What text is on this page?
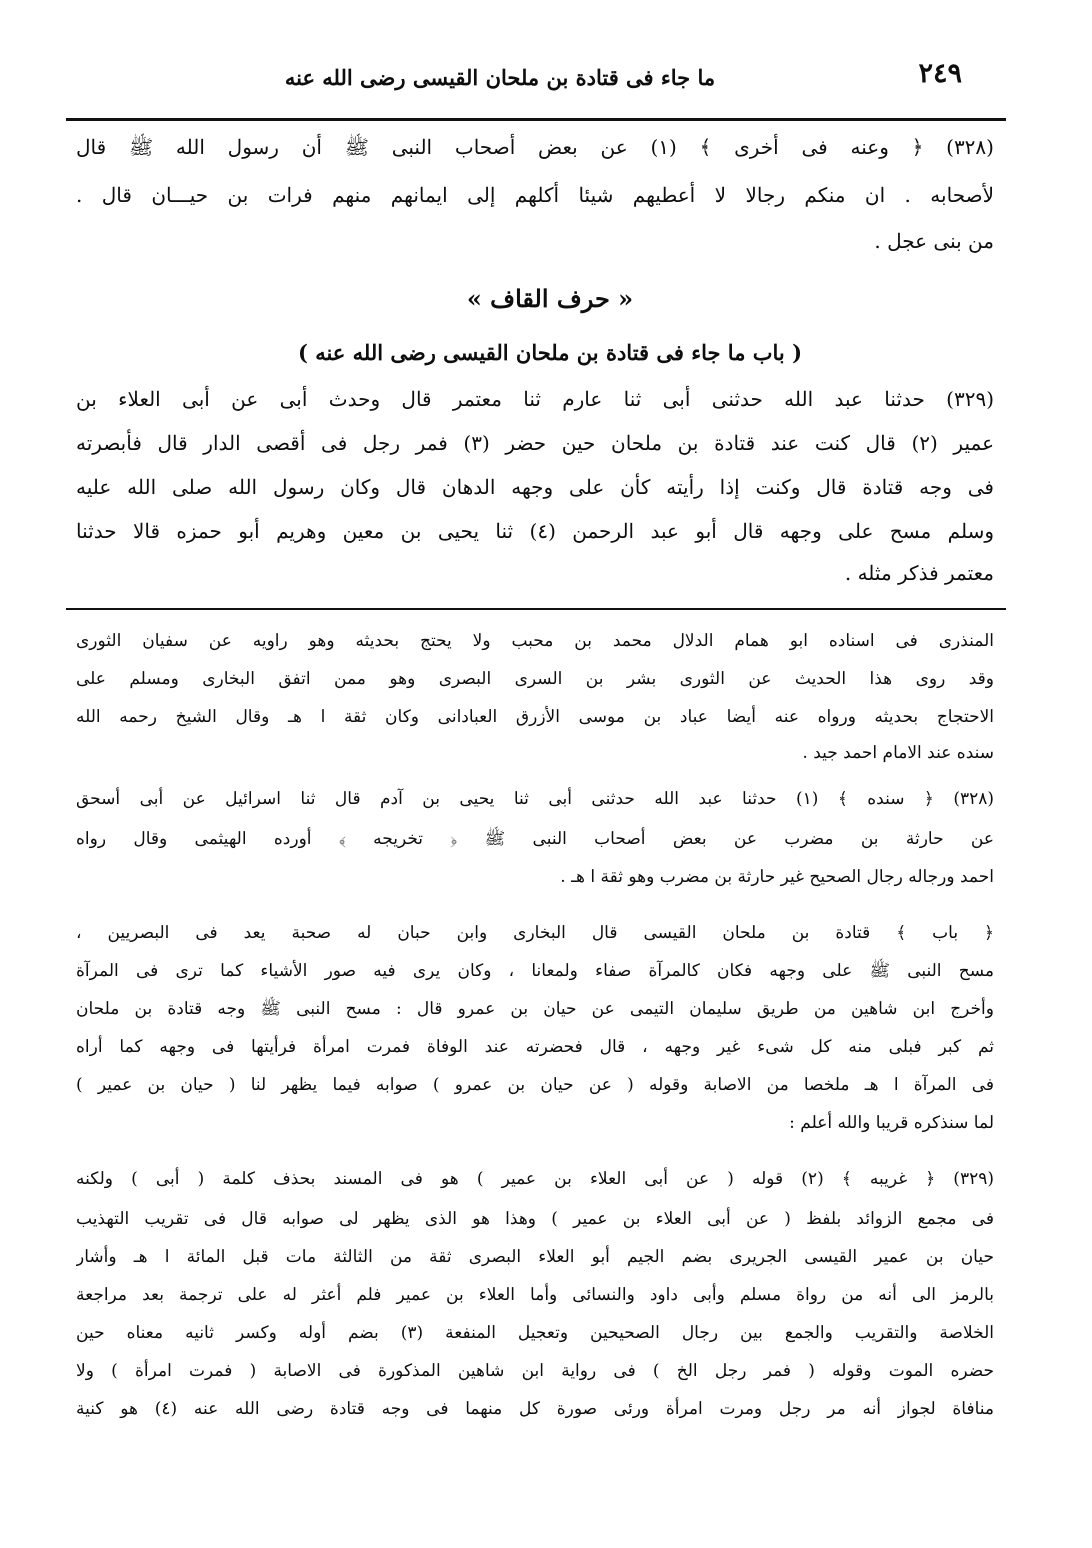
٢٤٩
ما جاء فى قتادة بن ملحان القيسى رضى الله عنه
(٣٢٨) ﴿ وعنه فى أخرى ﴾ (١) عن بعض أصحاب النبى ﷺ أن رسول الله ﷺ قال
لأصحابه . ان منكم رجالا لا أعطيهم شيئا أكلهم إلى ايمانهم منهم فرات بن حيـــان قال .
من بنى عجل .
« حرف القاف »
( باب ما جاء فى قتادة بن ملحان القيسى رضى الله عنه )
(٣٢٩) حدثنا عبد الله حدثنى أبى ثنا عارم ثنا معتمر قال وحدث أبى عن أبى العلاء بن
عمير (٢) قال كنت عند قتادة بن ملحان حين حضر (٣) فمر رجل فى أقصى الدار قال فأبصرته
فى وجه قتادة قال وكنت إذا رأيته كأن على وجهه الدهان قال وكان رسول الله صلى الله عليه
وسلم مسح على وجهه قال أبو عبد الرحمن (٤) ثنا يحيى بن معين وهريم أبو حمزه قالا حدثنا
معتمر فذكر مثله .
المنذرى فى اسناده ابو همام الدلال محمد بن محبب ولا يحتج بحديثه وهو راويه عن سفيان الثورى
وقد روى هذا الحديث عن الثورى بشر بن السرى البصرى وهو ممن اتفق البخارى ومسلم على
الاحتجاج بحديثه ورواه عنه أيضا عباد بن موسى الأزرق العبادانى وكان ثقة ا هـ وقال الشيخ رحمه الله
سنده عند الامام احمد جيد .
(٣٢٨) ﴿ سنده ﴾ (١) حدثنا عبد الله حدثنى أبى ثنا يحيى بن آدم قال ثنا اسرائيل عن أبى أسحق
عن حارثة بن مضرب عن بعض أصحاب النبى ﷺ ﴿ تخريجه ﴾ أورده الهيثمى وقال رواه
احمد ورجاله رجال الصحيح غير حارثة بن مضرب وهو ثقة ا هـ .
﴿ باب ﴾ قتادة بن ملحان القيسى قال البخارى وابن حبان له صحبة يعد فى البصريين ،
مسح النبى ﷺ على وجهه فكان كالمرآة صفاء ولمعانا ، وكان يرى فيه صور الأشياء كما ترى فى المرآة
وأخرج ابن شاهين من طريق سليمان التيمى عن حيان بن عمرو قال : مسح النبى ﷺ وجه قتادة بن ملحان
ثم كبر فبلى منه كل شىء غير وجهه ، قال فحضرته عند الوفاة فمرت امرأة فرأيتها فى وجهه كما أراه
فى المرآة ا هـ ملخصا من الاصابة وقوله ( عن حيان بن عمرو ) صوابه فيما يظهر لنا ( حيان بن عمير )
لما سنذكره قريبا والله أعلم :
(٣٢٩) ﴿ غريبه ﴾ (٢) قوله ( عن أبى العلاء بن عمير ) هو فى المسند بحذف كلمة ( أبى ) ولكنه
فى مجمع الزوائد بلفظ ( عن أبى العلاء بن عمير ) وهذا هو الذى يظهر لى صوابه قال فى تقريب التهذيب
حيان بن عمير القيسى الجريرى بضم الجيم أبو العلاء البصرى ثقة من الثالثة مات قبل المائة ا هـ وأشار
بالرمز الى أنه من رواة مسلم وأبى داود والنسائى وأما العلاء بن عمير فلم أعثر له على ترجمة بعد مراجعة
الخلاصة والتقريب والجمع بين رجال الصحيحين وتعجيل المنفعة (٣) بضم أوله وكسر ثانيه معناه حين
حضره الموت وقوله ( فمر رجل الخ ) فى رواية ابن شاهين المذكورة فى الاصابة ( فمرت امرأة ) ولا
منافاة لجواز أنه مر رجل ومرت امرأة ورئى صورة كل منهما فى وجه قتادة رضى الله عنه (٤) هو كنية
